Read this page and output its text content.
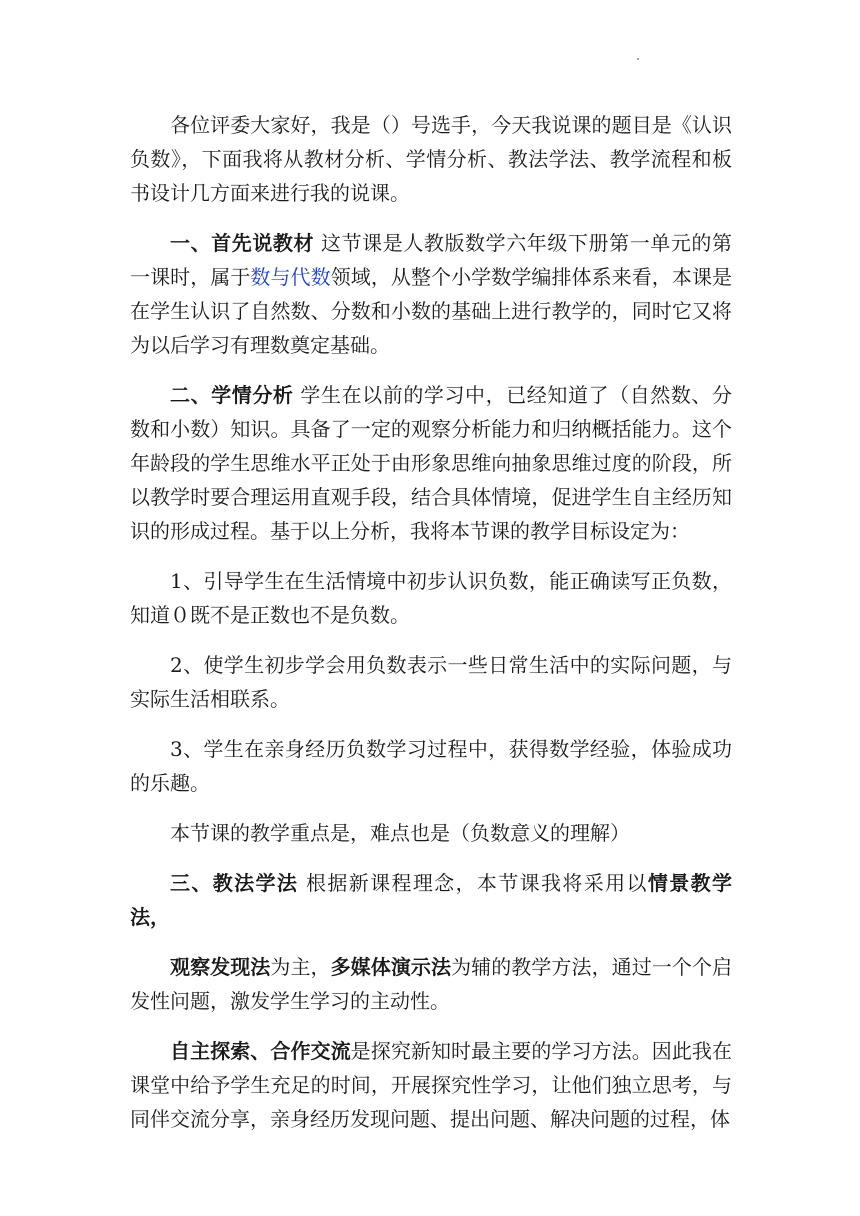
各位评委大家好，我是（）号选手，今天我说课的题目是《认识负数》，下面我将从教材分析、学情分析、教法学法、教学流程和板书设计几方面来进行我的说课。

一、首先说教材 这节课是人教版数学六年级下册第一单元的第一课时，属于数与代数领域，从整个小学数学编排体系来看，本课是在学生认识了自然数、分数和小数的基础上进行教学的，同时它又将为以后学习有理数奠定基础。

二、学情分析 学生在以前的学习中，已经知道了（自然数、分数和小数）知识。具备了一定的观察分析能力和归纳概括能力。这个年龄段的学生思维水平正处于由形象思维向抽象思维过度的阶段，所以教学时要合理运用直观手段，结合具体情境，促进学生自主经历知识的形成过程。基于以上分析，我将本节课的教学目标设定为：

1、引导学生在生活情境中初步认识负数，能正确读写正负数，知道０既不是正数也不是负数。

2、使学生初步学会用负数表示一些日常生活中的实际问题，与实际生活相联系。

3、学生在亲身经历负数学习过程中，获得数学经验，体验成功的乐趣。

本节课的教学重点是，难点也是（负数意义的理解）

三、教法学法 根据新课程理念，本节课我将采用以情景教学法，

观察发现法为主，多媒体演示法为辅的教学方法，通过一个个启发性问题，激发学生学习的主动性。

自主探索、合作交流是探究新知时最主要的学习方法。因此我在课堂中给予学生充足的时间，开展探究性学习，让他们独立思考，与同伴交流分享，亲身经历发现问题、提出问题、解决问题的过程，体
